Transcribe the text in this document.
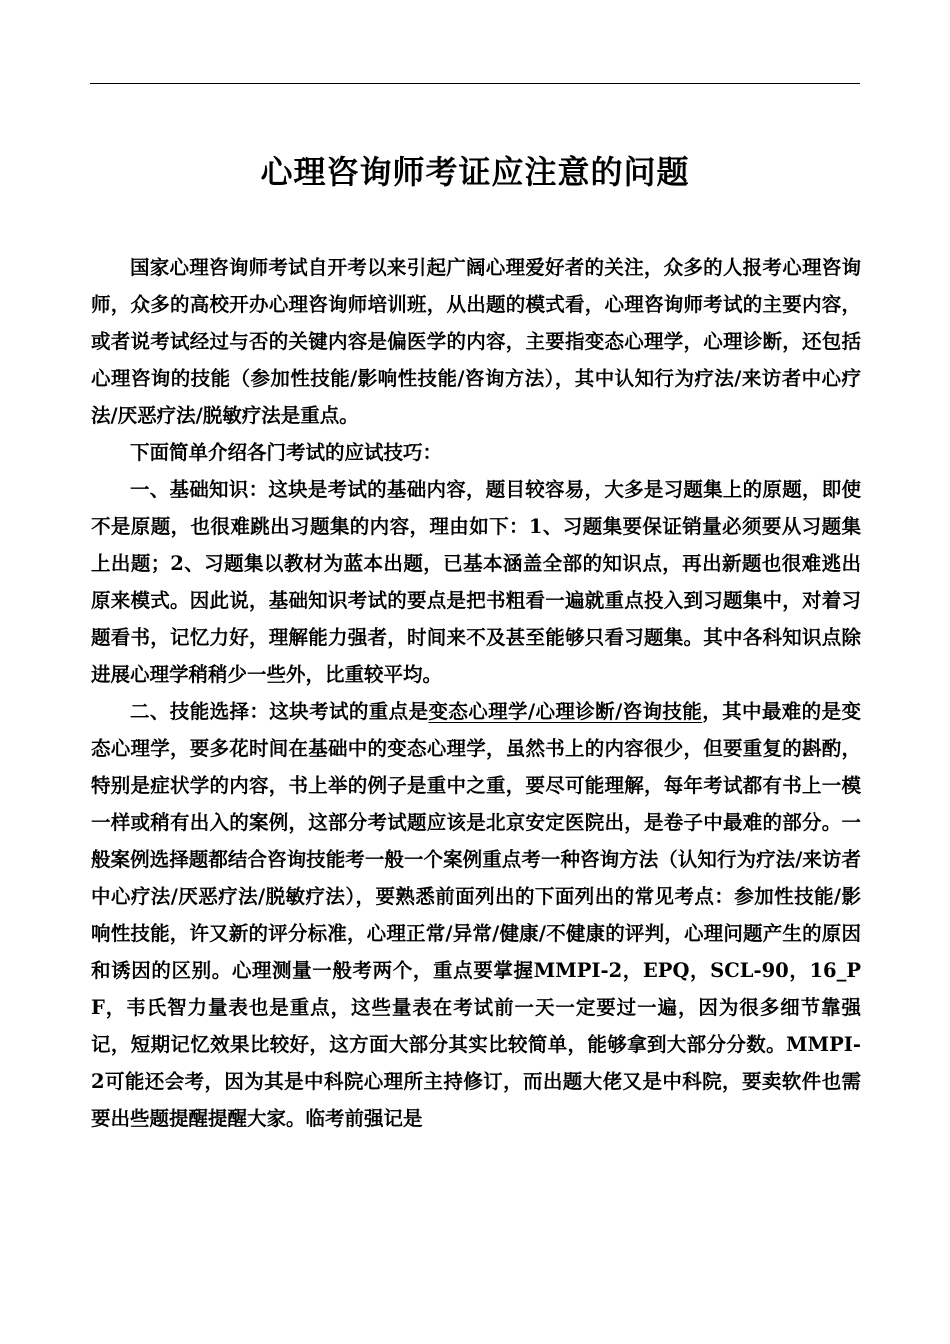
心理咨询师考证应注意的问题

国家心理咨询师考试自开考以来引起广阔心理爱好者的关注，众多的人报考心理咨询师，众多的高校开办心理咨询师培训班，从出题的模式看，心理咨询师考试的主要内容，或者说考试经过与否的关键内容是偏医学的内容，主要指变态心理学，心理诊断，还包括心理咨询的技能（参加性技能/影响性技能/咨询方法），其中认知行为疗法/来访者中心疗法/厌恶疗法/脱敏疗法是重点。

下面简单介绍各门考试的应试技巧：

一、基础知识：这块是考试的基础内容，题目较容易，大多是习题集上的原题，即使不是原题，也很难跳出习题集的内容，理由如下：1、习题集要保证销量必须要从习题集上出题；2、习题集以教材为蓝本出题，已基本涵盖全部的知识点，再出新题也很难逃出原来模式。因此说，基础知识考试的要点是把书粗看一遍就重点投入到习题集中，对着习题看书，记忆力好，理解能力强者，时间来不及甚至能够只看习题集。其中各科知识点除进展心理学稍稍少一些外，比重较平均。

二、技能选择：这块考试的重点是变态心理学/心理诊断/咨询技能，其中最难的是变态心理学，要多花时间在基础中的变态心理学，虽然书上的内容很少，但要重复的斟酌，特别是症状学的内容，书上举的例子是重中之重，要尽可能理解，每年考试都有书上一模一样或稍有出入的案例，这部分考试题应该是北京安定医院出，是卷子中最难的部分。一般案例选择题都结合咨询技能考一般一个案例重点考一种咨询方法（认知行为疗法/来访者中心疗法/厌恶疗法/脱敏疗法），要熟悉前面列出的下面列出的常见考点：参加性技能/影响性技能，许又新的评分标准，心理正常/异常/健康/不健康的评判，心理问题产生的原因和诱因的区别。心理测量一般考两个，重点要掌握MMPI-2，EPQ，SCL-90，16_PF，韦氏智力量表也是重点，这些量表在考试前一天一定要过一遍，因为很多细节靠强记，短期记忆效果比较好，这方面大部分其实比较简单，能够拿到大部分分数。MMPI-2可能还会考，因为其是中科院心理所主持修订，而出题大佬又是中科院，要卖软件也需要出些题提醒提醒大家。临考前强记是
